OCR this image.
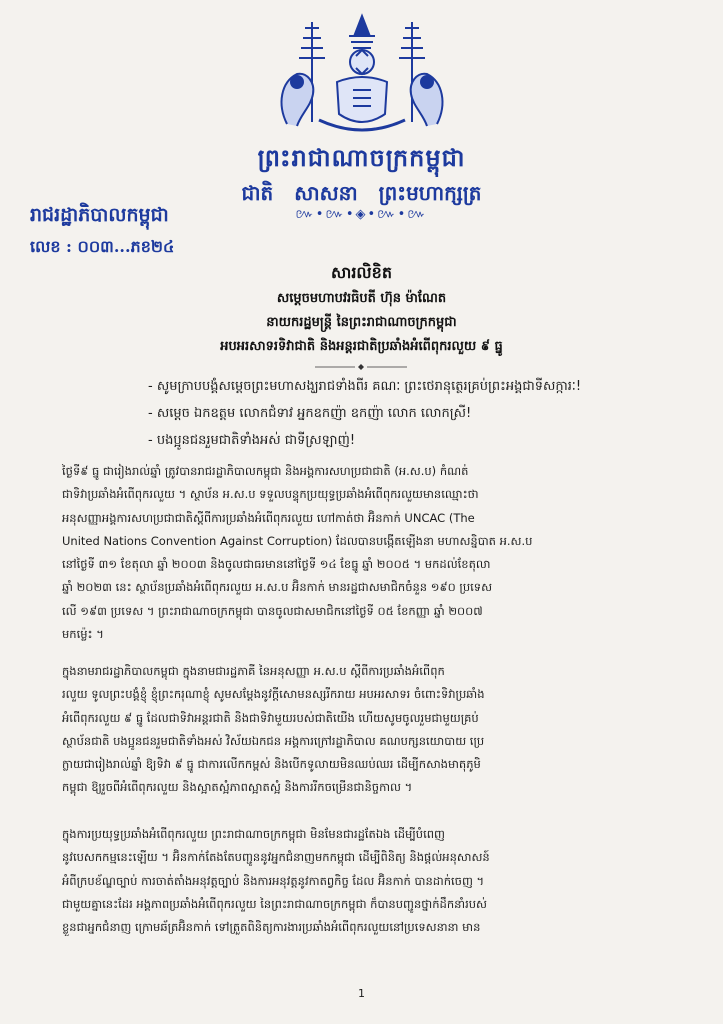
ព្រះរាជាណាចក្រកម្ពុជា
ជាតិ សាសនា ព្រះមហាក្សត្រ
៚•៚•◈•៚•៚
រាជរដ្ឋាភិបាលកម្ពុជា
លេខ : ០០៣...ភខ២៤
សារលិខិត
សម្ដេចមហាបវរធិបតី ហ៊ុន ម៉ាណែត
នាយករដ្ឋមន្ត្រី នៃព្រះរាជាណាចក្រកម្ពុជា
អបអរសាទរទិវាជាតិ និងអន្តរជាតិប្រឆាំងអំពើពុករលួយ ៩ ធ្នូ
- សូមក្រាបបង្គំសម្ដេចព្រះមហាសង្ឃរាជទាំងពីរ គណៈ ព្រះថេរានុត្ថេរគ្រប់ព្រះអង្គជាទីសក្ការៈ!
- សម្ដេច ឯកឧត្ដម លោកជំទាវ អ្នកឧកញ៉ា ឧកញ៉ា លោក លោកស្រី!
- បងប្អូនជនរួមជាតិទាំងអស់ ជាទីស្រឡាញ់!
ថ្ងៃទី៩ ធ្នូ ជារៀងរាល់ឆ្នាំ ត្រូវបានរាជរដ្ឋាភិបាលកម្ពុជា និងអង្គការសហប្រជាជាតិ (អ.ស.ប) កំណត់
ជាទិវាប្រឆាំងអំពើពុករលួយ ។ ស្ថាប័ន អ.ស.ប ទទួលបន្ទុកប្រយុទ្ធប្រឆាំងអំពើពុករលួយមានឈ្មោះថា
អនុសញ្ញាអង្គការសហប្រជាជាតិស្ដីពីការប្រឆាំងអំពើពុករលួយ ហៅកាត់ថា អ៊ិនកាក់ UNCAC (The
United Nations Convention Against Corruption) ដែលបានបង្កើតឡើងនា មហាសន្និបាត អ.ស.ប
នៅថ្ងៃទី ៣១ ខែតុលា ឆ្នាំ ២០០៣ និងចូលជាធរមាននៅថ្ងៃទី ១៤ ខែធ្នូ ឆ្នាំ ២០០៥ ។ មកដល់ខែតុលា
ឆ្នាំ ២០២៣ នេះ ស្ថាប័នប្រឆាំងអំពើពុករលួយ អ.ស.ប អ៊ិនកាក់ មានរដ្ឋជាសមាជិកចំនួន ១៩០ ប្រទេស
លើ ១៩៣ ប្រទេស ។ ព្រះរាជាណាចក្រកម្ពុជា បានចូលជាសមាជិកនៅថ្ងៃទី ០៥ ខែកញ្ញា ឆ្នាំ ២០០៧
មកម្ល៉េះ ។
ក្នុងនាមរាជរដ្ឋាភិបាលកម្ពុជា ក្នុងនាមជារដ្ឋភាគី នៃអនុសញ្ញា អ.ស.ប ស្ដីពីការប្រឆាំងអំពើពុក
រលួយ ទូលព្រះបង្គំខ្ញុំ ខ្ញុំព្រះករុណាខ្ញុំ សូមសម្ដែងនូវក្ដីសោមនស្សរីករាយ អបអរសាទរ ចំពោះទិវាប្រឆាំង
អំពើពុករលួយ ៩ ធ្នូ ដែលជាទិវាអន្តរជាតិ និងជាទិវាមួយរបស់ជាតិយើង ហើយសូមចូលរួមជាមួយគ្រប់
ស្ថាប័នជាតិ បងប្អូនជនរួមជាតិទាំងអស់ វិស័យឯកជន អង្គការក្រៅរដ្ឋាភិបាល គណបក្សនយោបាយ ប្រេ
ក្លាយជារៀងរាល់ឆ្នាំ ឱ្យទិវា ៩ ធ្នូ ជាការលើកកម្ពស់ និងបើកទូលាយមិនឈប់ឈរ ដើម្បីកសាងមាតុភូមិ
កម្ពុជា ឱ្យរួចពីអំពើពុករលួយ និងស្អាតស្អំភាពស្អាតស្អំ និងការរីកចម្រើនជានិច្ចកាល ។
ក្នុងការប្រយុទ្ធប្រឆាំងអំពើពុករលួយ ព្រះរាជាណាចក្រកម្ពុជា មិនមែនជារដ្ឋតែឯង ដើម្បីបំពេញ
នូវបេសកកម្មនេះឡើយ ។ អ៊ិនកាក់តែងតែបញ្ជូននូវអ្នកជំនាញមកកម្ពុជា ដើម្បីពិនិត្យ និងផ្ដល់អនុសាសន៍
អំពីក្របខ័ណ្ឌច្បាប់ ការចាត់តាំងអនុវត្តច្បាប់ និងការអនុវត្តនូវកាតព្វកិច្ច ដែល អ៊ិនកាក់ បានដាក់ចេញ ។
ជាមួយគ្នានេះដែរ អង្គភាពប្រឆាំងអំពើពុករលួយ នៃព្រះរាជាណាចក្រកម្ពុជា ក៏បានបញ្ជូនថ្នាក់ដឹកនាំរបស់
ខ្លួនជាអ្នកជំនាញ ក្រោមឆ័ត្រអ៊ិនកាក់ ទៅត្រួតពិនិត្យការងារប្រឆាំងអំពើពុករលួយនៅប្រទេសនានា មាន
1
